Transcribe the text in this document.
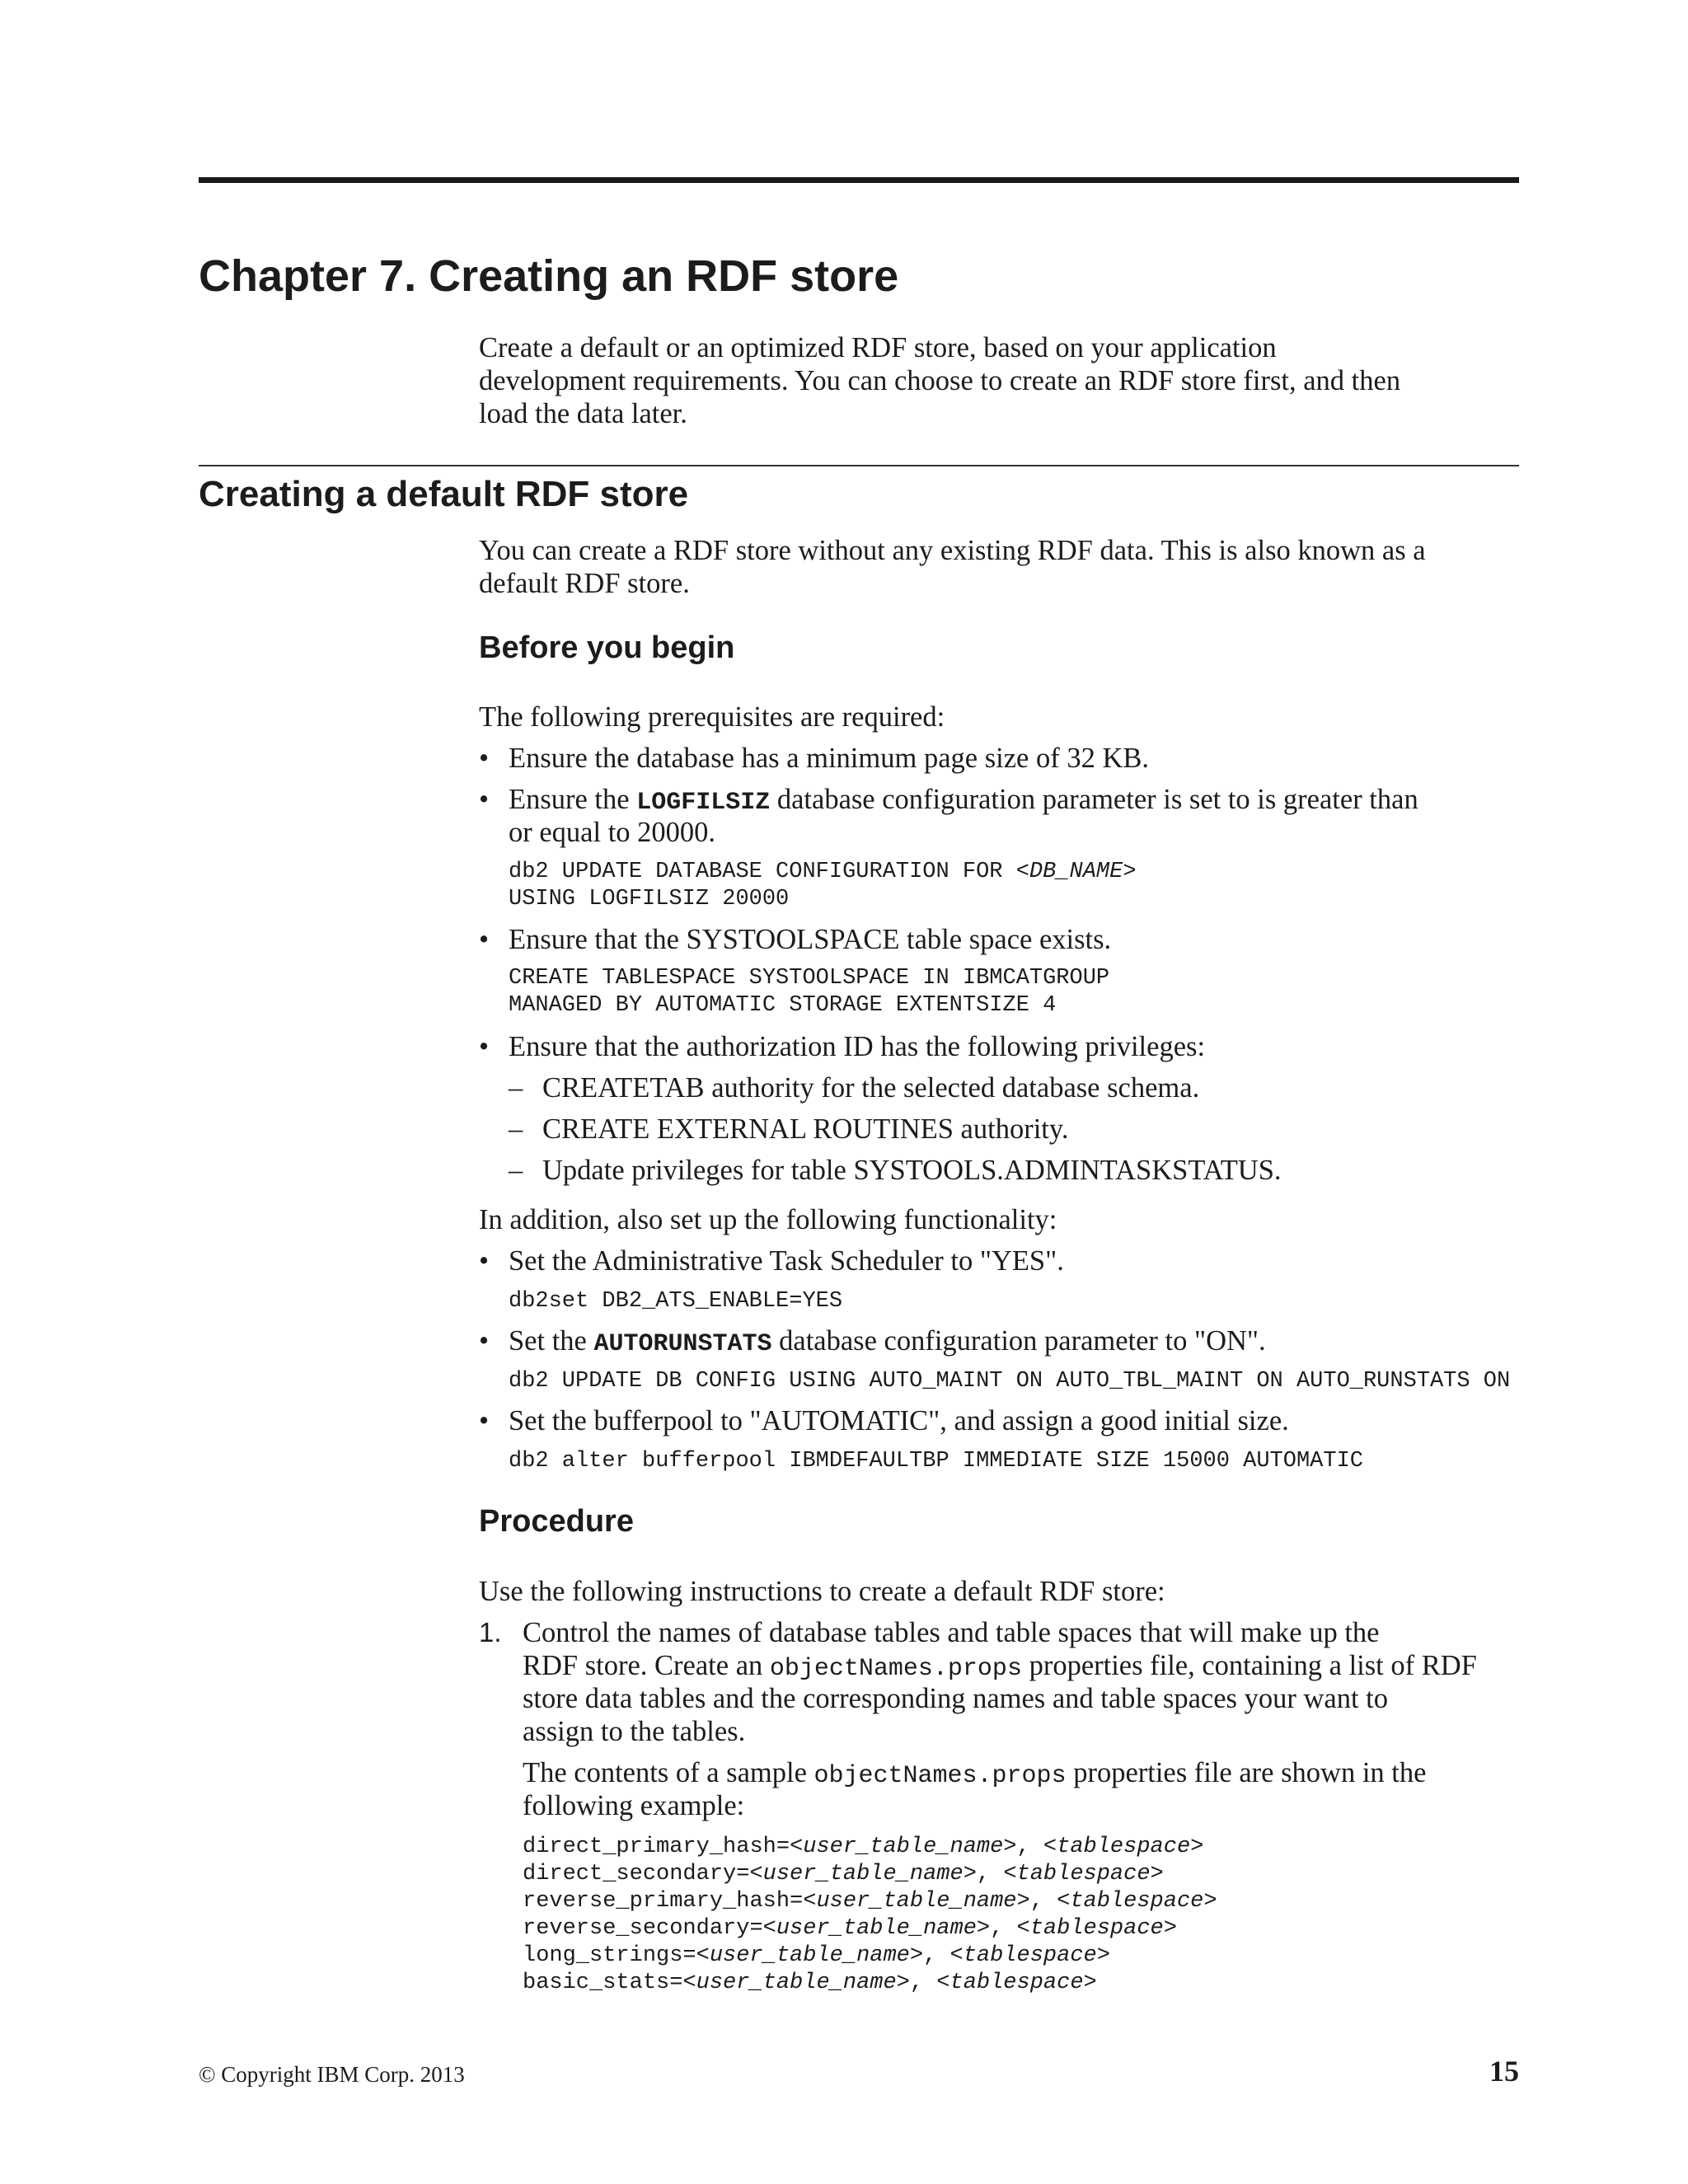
Chapter 7. Creating an RDF store
Create a default or an optimized RDF store, based on your application
development requirements. You can choose to create an RDF store first, and then
load the data later.
Creating a default RDF store
You can create a RDF store without any existing RDF data. This is also known as a
default RDF store.
Before you begin
The following prerequisites are required:
• Ensure the database has a minimum page size of 32 KB.
• Ensure the LOGFILSIZ database configuration parameter is set to is greater than
or equal to 20000.
db2 UPDATE DATABASE CONFIGURATION FOR <DB_NAME>
USING LOGFILSIZ 20000
• Ensure that the SYSTOOLSPACE table space exists.
CREATE TABLESPACE SYSTOOLSPACE IN IBMCATGROUP
MANAGED BY AUTOMATIC STORAGE EXTENTSIZE 4
• Ensure that the authorization ID has the following privileges:
– CREATETAB authority for the selected database schema.
– CREATE EXTERNAL ROUTINES authority.
– Update privileges for table SYSTOOLS.ADMINTASKSTATUS.
In addition, also set up the following functionality:
• Set the Administrative Task Scheduler to "YES".
db2set DB2_ATS_ENABLE=YES
• Set the AUTORUNSTATS database configuration parameter to "ON".
db2 UPDATE DB CONFIG USING AUTO_MAINT ON AUTO_TBL_MAINT ON AUTO_RUNSTATS ON
• Set the bufferpool to "AUTOMATIC", and assign a good initial size.
db2 alter bufferpool IBMDEFAULTBP IMMEDIATE SIZE 15000 AUTOMATIC
Procedure
Use the following instructions to create a default RDF store:
1. Control the names of database tables and table spaces that will make up the
RDF store. Create an objectNames.props properties file, containing a list of RDF
store data tables and the corresponding names and table spaces your want to
assign to the tables.
The contents of a sample objectNames.props properties file are shown in the
following example:
direct_primary_hash=<user_table_name>, <tablespace>
direct_secondary=<user_table_name>, <tablespace>
reverse_primary_hash=<user_table_name>, <tablespace>
reverse_secondary=<user_table_name>, <tablespace>
long_strings=<user_table_name>, <tablespace>
basic_stats=<user_table_name>, <tablespace>
© Copyright IBM Corp. 2013	15
